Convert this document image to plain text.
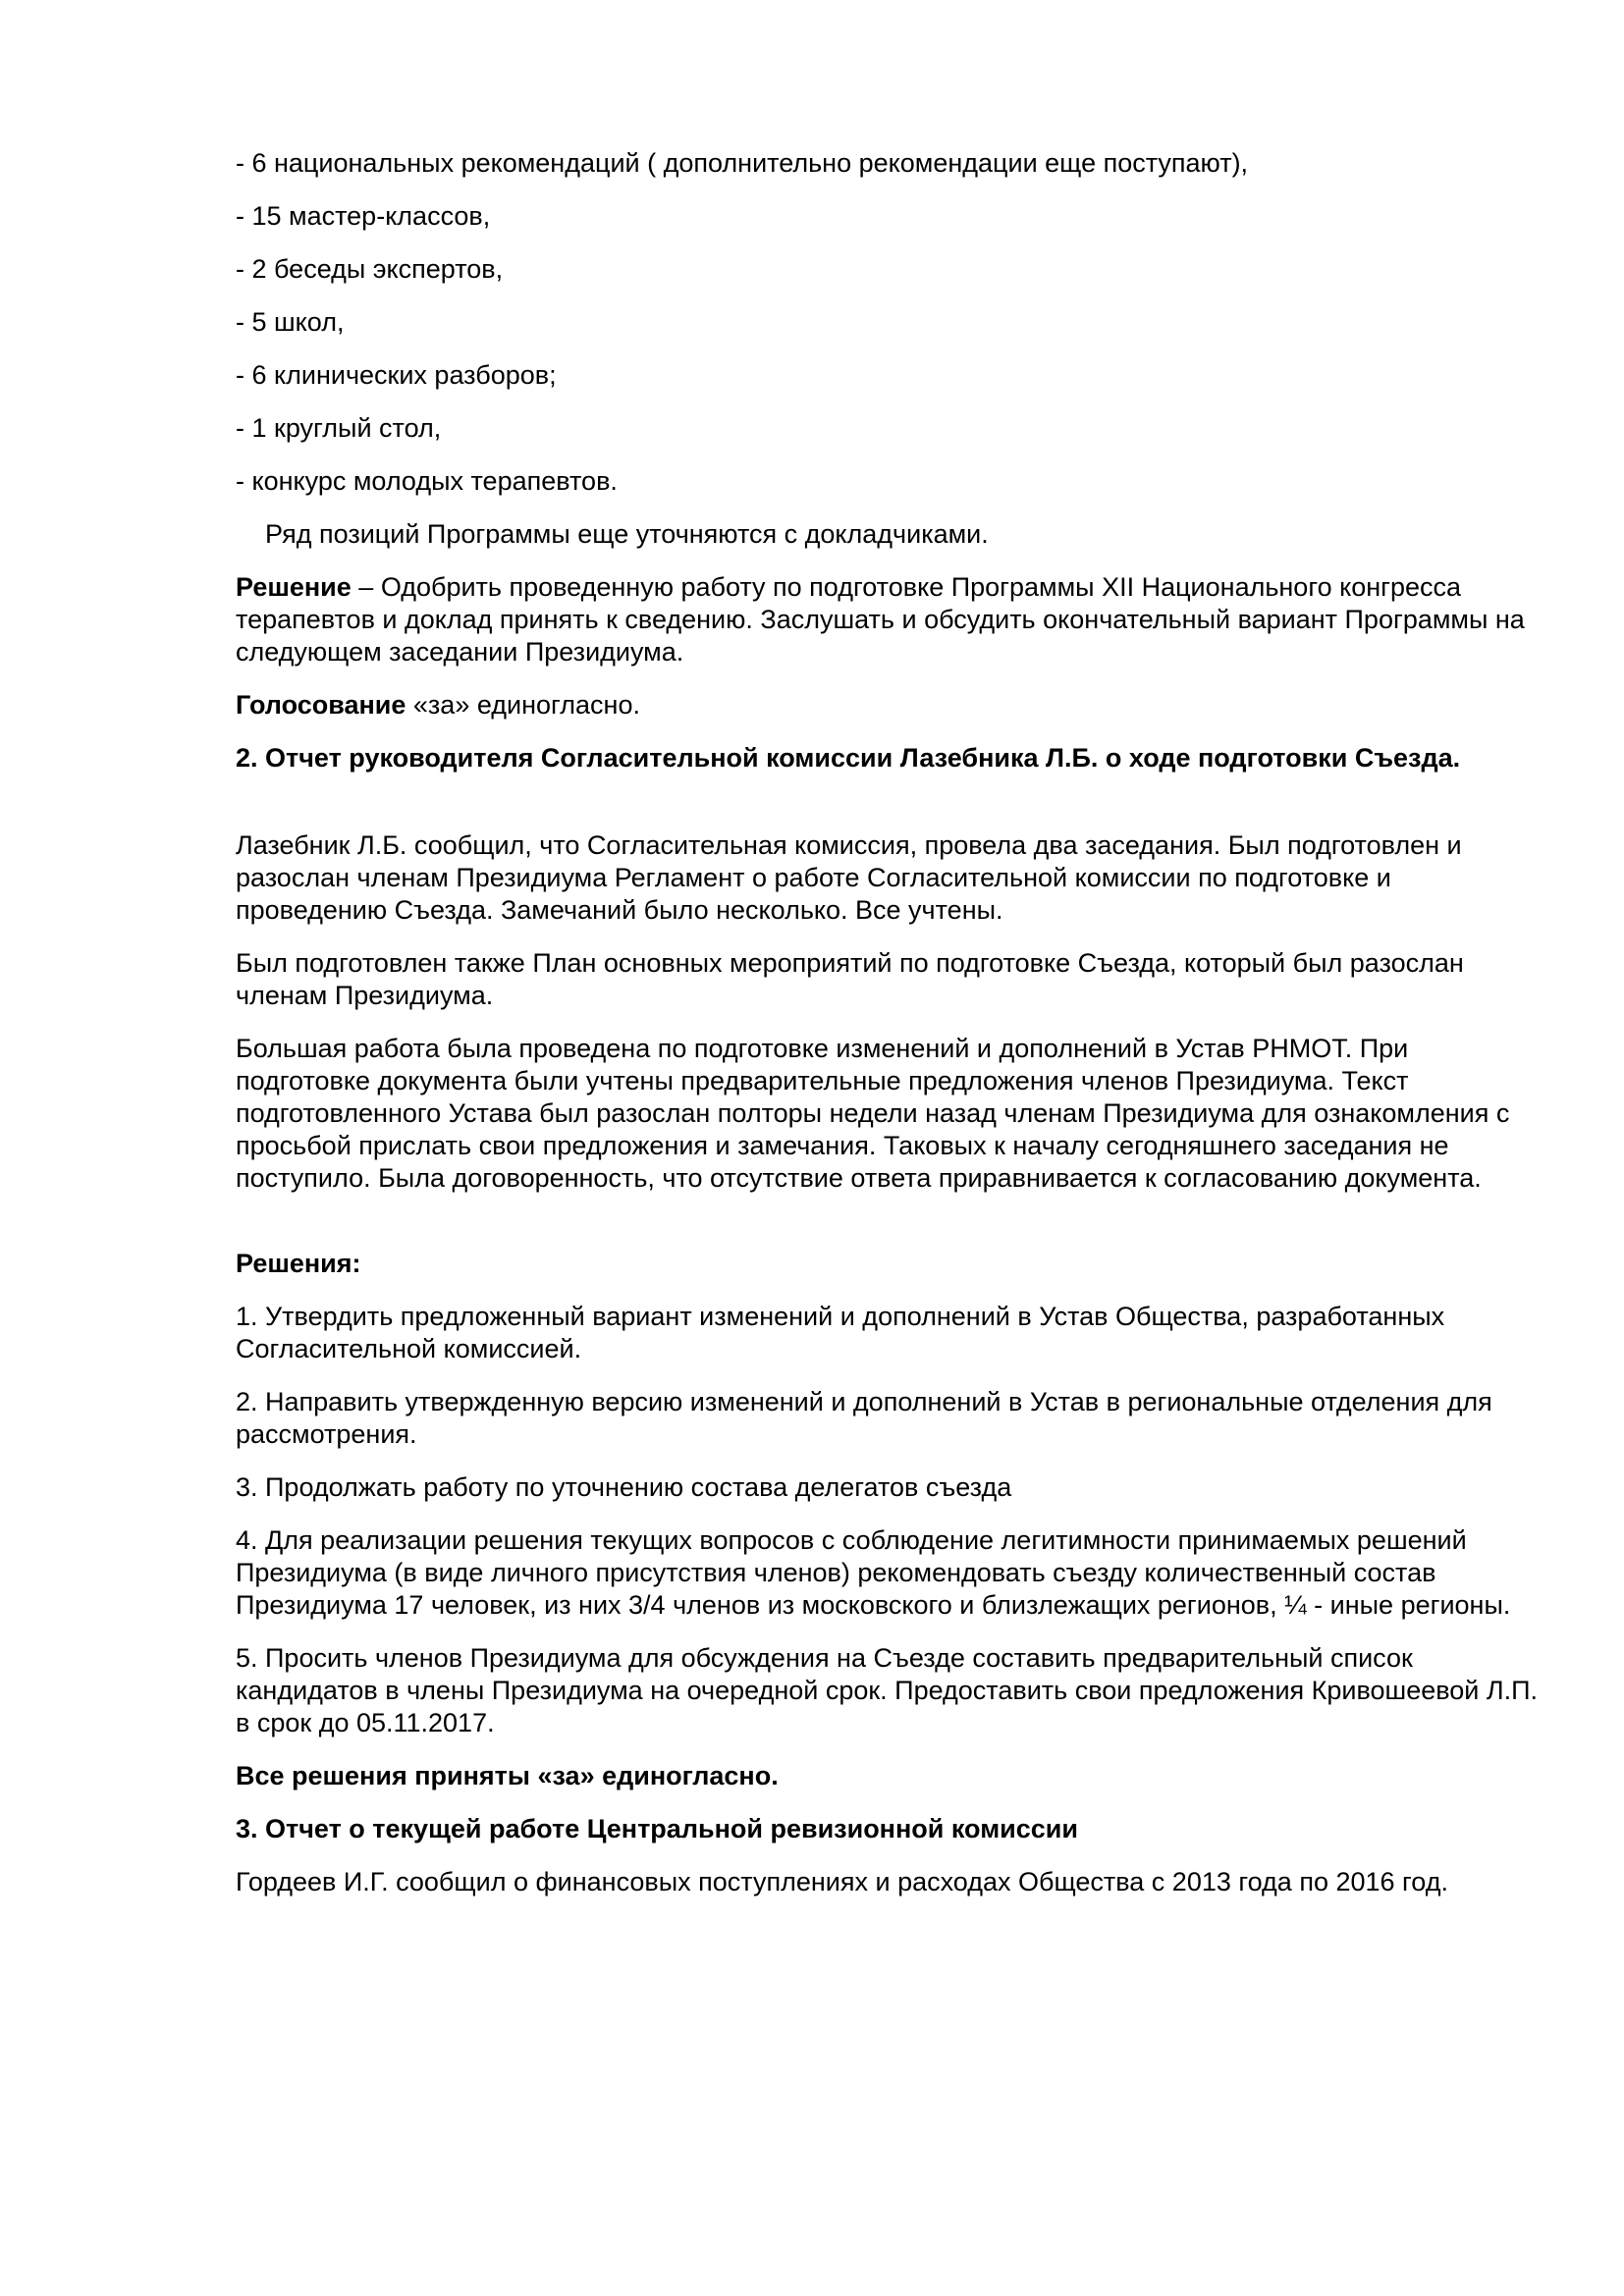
- 6 национальных рекомендаций ( дополнительно рекомендации еще поступают),
- 15 мастер-классов,
- 2 беседы экспертов,
- 5 школ,
- 6 клинических разборов;
- 1 круглый стол,
- конкурс молодых терапевтов.
Ряд позиций Программы еще уточняются с докладчиками.
Решение – Одобрить проведенную работу по подготовке Программы XII Национального конгресса терапевтов и доклад принять к сведению. Заслушать и обсудить окончательный вариант Программы на следующем заседании Президиума.
Голосование «за» единогласно.
2. Отчет руководителя Согласительной комиссии Лазебника Л.Б. о ходе подготовки Съезда.
Лазебник Л.Б. сообщил, что Согласительная комиссия, провела два заседания. Был подготовлен и разослан членам Президиума Регламент о работе Согласительной комиссии по подготовке и проведению Съезда. Замечаний было несколько. Все учтены.
Был подготовлен также План основных мероприятий по подготовке Съезда, который был разослан членам Президиума.
Большая работа была проведена по подготовке изменений и дополнений в Устав РНМОТ. При подготовке документа были учтены предварительные предложения членов Президиума. Текст подготовленного Устава был разослан полторы недели назад членам Президиума для ознакомления с просьбой прислать свои предложения и замечания. Таковых к началу сегодняшнего заседания не поступило. Была договоренность, что отсутствие ответа приравнивается к согласованию документа.
Решения:
1. Утвердить предложенный вариант изменений и дополнений в Устав Общества, разработанных Согласительной комиссией.
2. Направить утвержденную версию изменений и дополнений в Устав в региональные отделения для рассмотрения.
3. Продолжать работу по уточнению состава делегатов съезда
4. Для реализации решения текущих вопросов с соблюдение легитимности принимаемых решений Президиума (в виде личного присутствия членов) рекомендовать съезду количественный состав Президиума 17 человек, из них 3/4 членов из московского и близлежащих регионов, ¼ - иные регионы.
5. Просить членов Президиума для обсуждения на Съезде составить предварительный список кандидатов в члены Президиума на очередной срок. Предоставить свои предложения Кривошеевой Л.П. в срок до 05.11.2017.
Все решения приняты «за» единогласно.
3. Отчет о текущей работе Центральной ревизионной комиссии
Гордеев И.Г. сообщил о финансовых поступлениях и расходах Общества с 2013 года по 2016 год.
